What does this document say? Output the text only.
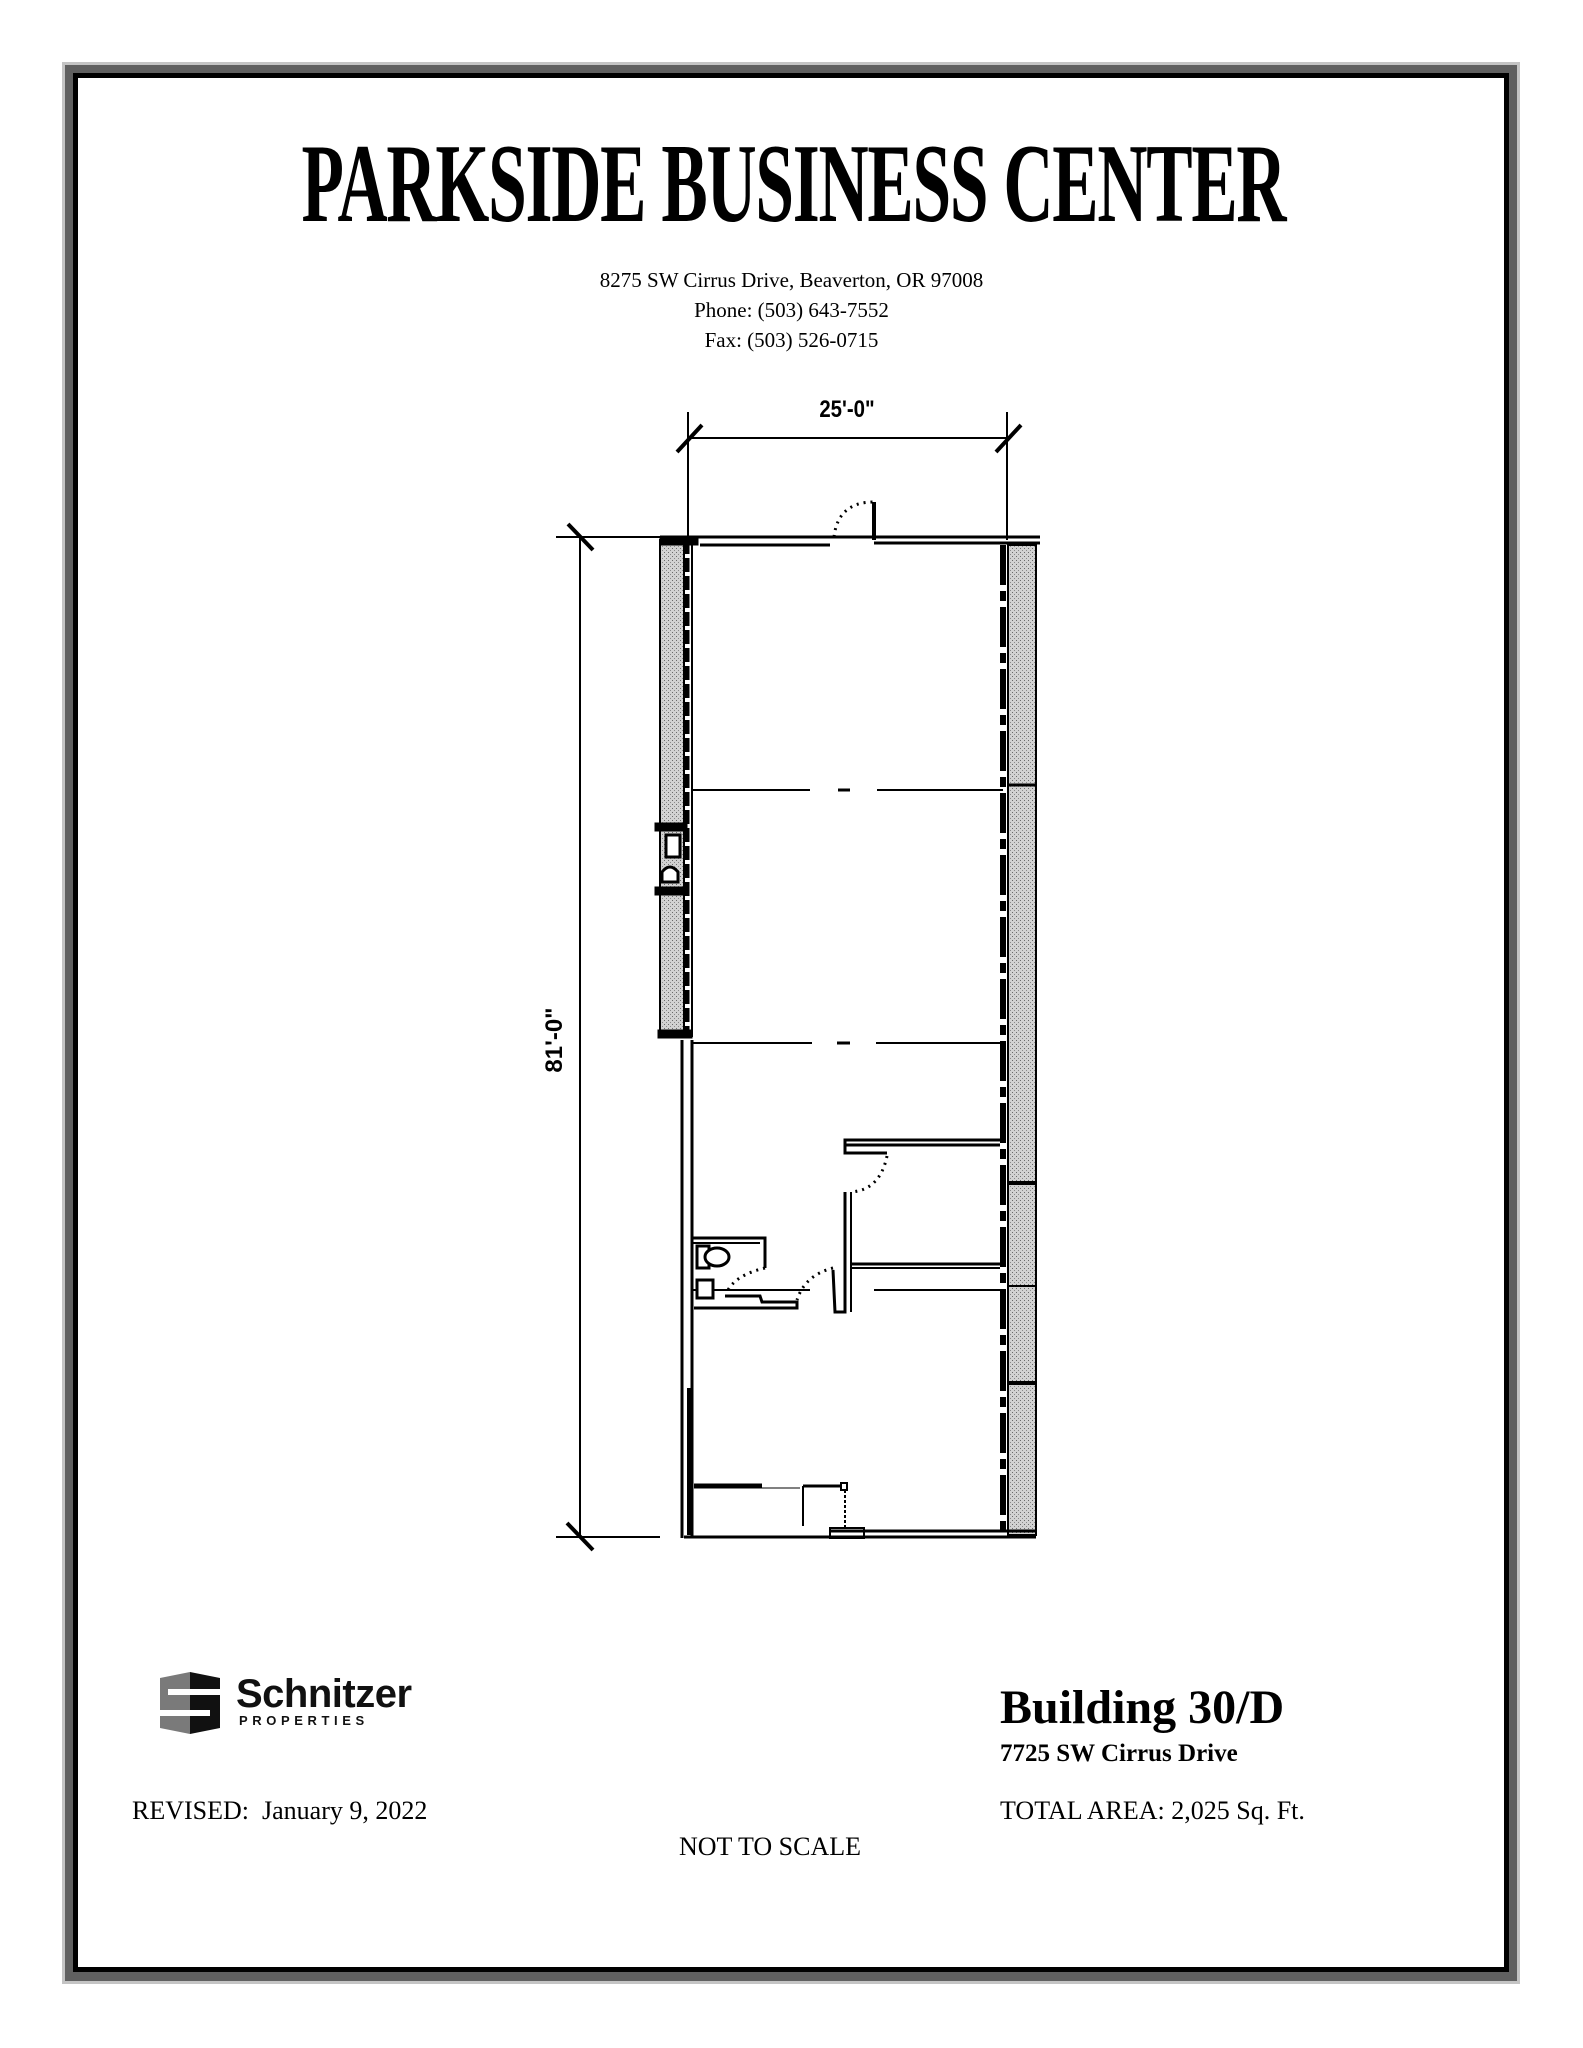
PARKSIDE BUSINESS CENTER
8275 SW Cirrus Drive, Beaverton, OR 97008
Phone: (503) 643-7552
Fax: (503) 526-0715
25'-0"
81'-0"
Schnitzer
PROPERTIES	Building 30/D
7725 SW Cirrus Drive
REVISED:  January 9, 2022	TOTAL AREA: 2,025 Sq. Ft.
NOT TO SCALE
